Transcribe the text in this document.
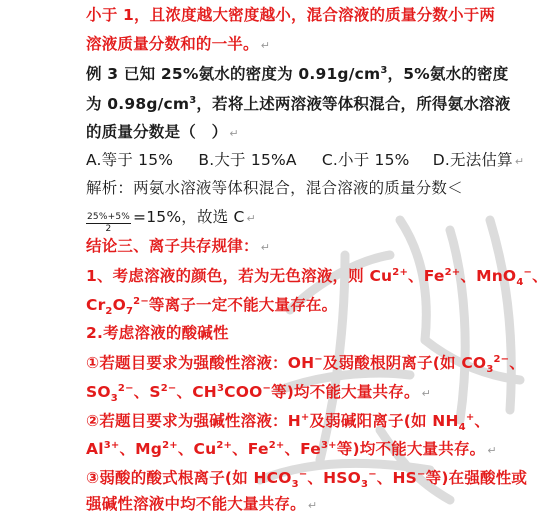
小于 1，且浓度越大密度越小，混合溶液的质量分数小于两
溶液质量分数和的一半。 ↵
例 3 已知 25%氨水的密度为 $0.91g/cm^3$，5%氨水的密度
为 $0.98g/cm^3$，若将上述两溶液等体积混合，所得氨水溶液
的质量分数是（　） ↵
A.等于 15% B.大于 15%A C.小于 15% D.无法估算 ↵
解析：两氨水溶液等体积混合，混合溶液的质量分数＜
$\frac{25\%+5\%}{2} =15\%$，故选 C ↵
结论三、离子共存规律： ↵
1、考虑溶液的颜色，若为无色溶液，则 $Cu^{2+}$、$Fe^{2+}$、MnO$_4$−、
$Cr_2O_7^{2-}$等离子一定不能大量存在。
2.考虑溶液的酸碱性
①若题目要求为强酸性溶液：OH−及弱酸根阴离子(如 $CO_3^{2-}$、
$SO_3^{2-}$、$S^{2-}$、$CH^3COO^-$等)均不能大量共存。 ↵
②若题目要求为强碱性溶液：H+及弱碱阳离子(如 $NH_4^+$、
$Al^{3+}$、$Mg^{2+}$、$Cu^{2+}$、$Fe^{2+}$、$Fe^{3+}$等)均不能大量共存。 ↵
③弱酸的酸式根离子(如 $HCO_3^-$、$HSO_3^-$、HS−等)在强酸性或
强碱性溶液中均不能大量共存。 ↵
